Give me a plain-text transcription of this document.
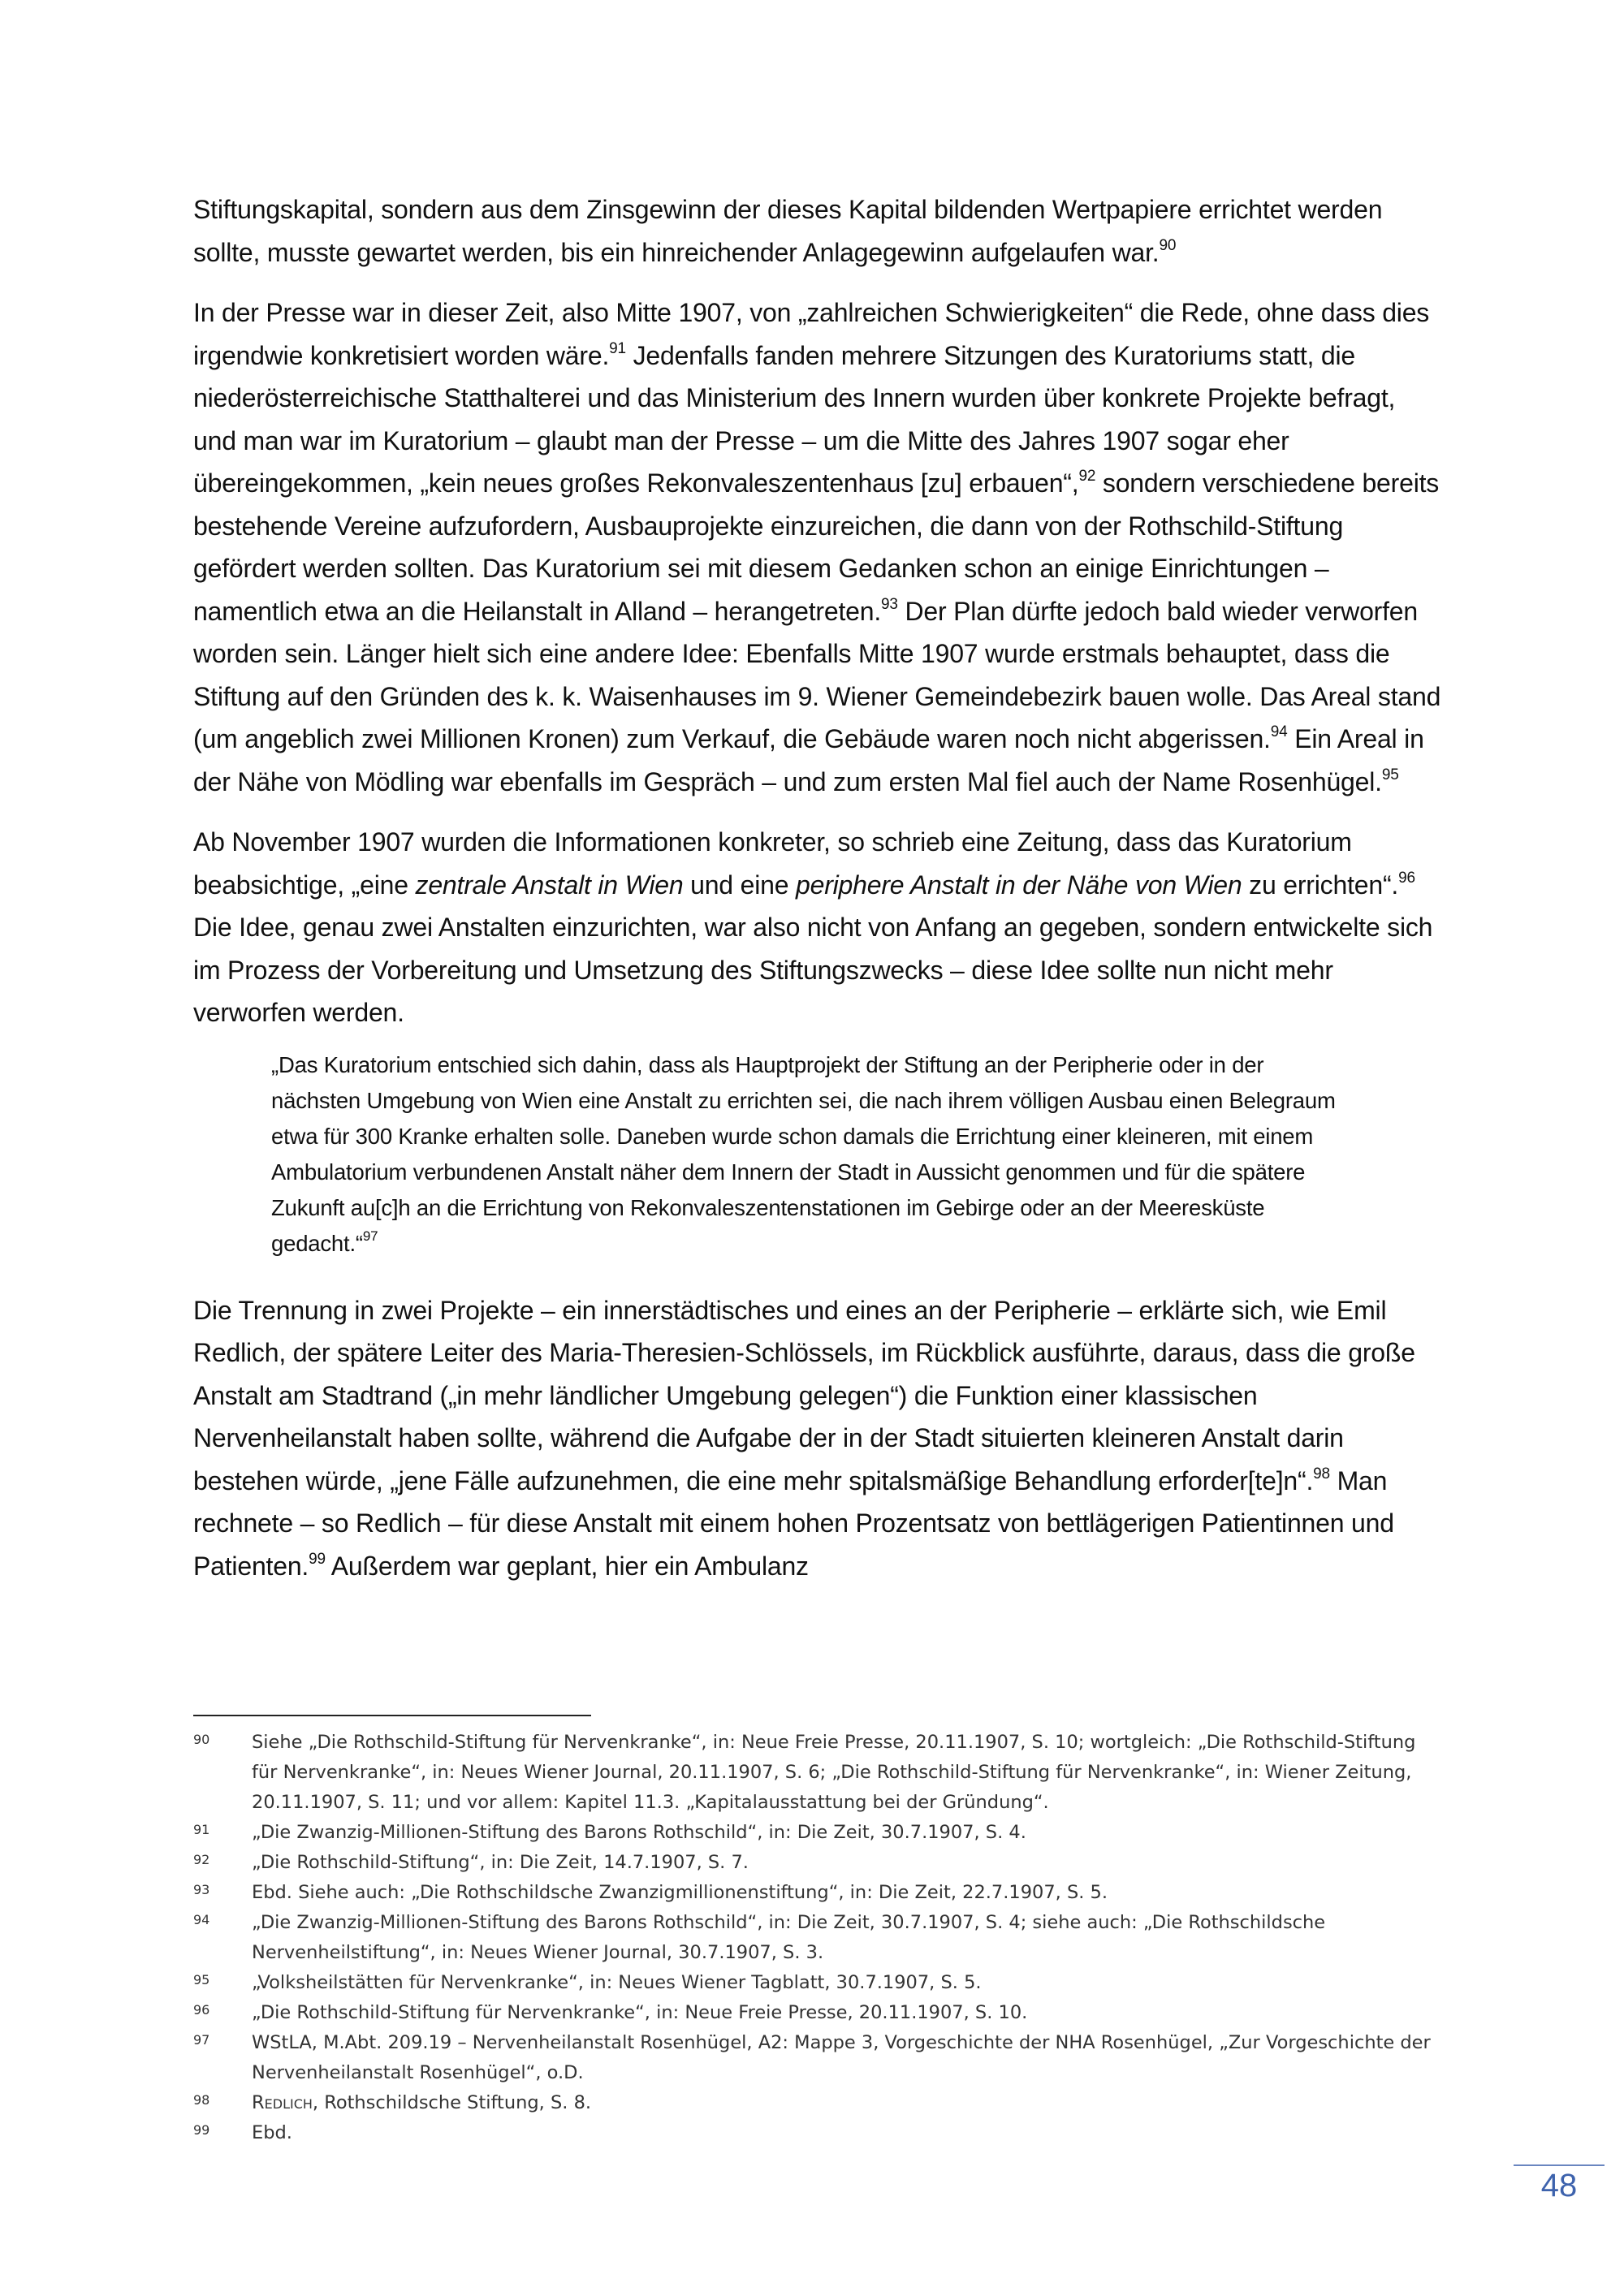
Stiftungskapital, sondern aus dem Zinsgewinn der dieses Kapital bildenden Wertpapiere errichtet werden sollte, musste gewartet werden, bis ein hinreichender Anlagegewinn aufgelaufen war.$^{90}$

In der Presse war in dieser Zeit, also Mitte 1907, von „zahlreichen Schwierigkeiten“ die Rede, ohne dass dies irgendwie konkretisiert worden wäre.$^{91}$ Jedenfalls fanden mehrere Sitzungen des Kuratoriums statt, die niederösterreichische Statthalterei und das Ministerium des Innern wurden über konkrete Projekte befragt, und man war im Kuratorium – glaubt man der Presse – um die Mitte des Jahres 1907 sogar eher übereingekommen, „kein neues großes Rekonvaleszentenhaus [zu] erbauen“,$^{92}$ sondern verschiedene bereits bestehende Vereine aufzufordern, Ausbauprojekte einzureichen, die dann von der Rothschild-Stiftung gefördert werden sollten. Das Kuratorium sei mit diesem Gedanken schon an einige Einrichtungen – namentlich etwa an die Heilanstalt in Alland – herangetreten.$^{93}$ Der Plan dürfte jedoch bald wieder verworfen worden sein. Länger hielt sich eine andere Idee: Ebenfalls Mitte 1907 wurde erstmals behauptet, dass die Stiftung auf den Gründen des k. k. Waisenhauses im 9. Wiener Gemeindebezirk bauen wolle. Das Areal stand (um angeblich zwei Millionen Kronen) zum Verkauf, die Gebäude waren noch nicht abgerissen.$^{94}$ Ein Areal in der Nähe von Mödling war ebenfalls im Gespräch – und zum ersten Mal fiel auch der Name Rosenhügel.$^{95}$

Ab November 1907 wurden die Informationen konkreter, so schrieb eine Zeitung, dass das Kuratorium beabsichtige, „eine zentrale Anstalt in Wien und eine periphere Anstalt in der Nähe von Wien zu errichten“.$^{96}$ Die Idee, genau zwei Anstalten einzurichten, war also nicht von Anfang an gegeben, sondern entwickelte sich im Prozess der Vorbereitung und Umsetzung des Stiftungszwecks – diese Idee sollte nun nicht mehr verworfen werden.

„Das Kuratorium entschied sich dahin, dass als Hauptprojekt der Stiftung an der Peripherie oder in der nächsten Umgebung von Wien eine Anstalt zu errichten sei, die nach ihrem völligen Ausbau einen Belegraum etwa für 300 Kranke erhalten solle. Daneben wurde schon damals die Errichtung einer kleineren, mit einem Ambulatorium verbundenen Anstalt näher dem Innern der Stadt in Aussicht genommen und für die spätere Zukunft au[c]h an die Errichtung von Rekonvaleszentenstationen im Gebirge oder an der Meeresküste gedacht.“$^{97}$

Die Trennung in zwei Projekte – ein innerstädtisches und eines an der Peripherie – erklärte sich, wie Emil Redlich, der spätere Leiter des Maria-Theresien-Schlössels, im Rückblick ausführte, daraus, dass die große Anstalt am Stadtrand („in mehr ländlicher Umgebung gelegen“) die Funktion einer klassischen Nervenheilanstalt haben sollte, während die Aufgabe der in der Stadt situierten kleineren Anstalt darin bestehen würde, „jene Fälle aufzunehmen, die eine mehr spitalsmäßige Behandlung erforder[te]n“.$^{98}$ Man rechnete – so Redlich – für diese Anstalt mit einem hohen Prozentsatz von bettlägerigen Patientinnen und Patienten.$^{99}$ Außerdem war geplant, hier ein Ambulanz

90	Siehe „Die Rothschild-Stiftung für Nervenkranke“, in: Neue Freie Presse, 20.11.1907, S. 10; wortgleich: „Die Rothschild-Stiftung für Nervenkranke“, in: Neues Wiener Journal, 20.11.1907, S. 6; „Die Rothschild-Stiftung für Nervenkranke“, in: Wiener Zeitung, 20.11.1907, S. 11; und vor allem: Kapitel 11.3. „Kapitalausstattung bei der Gründung“.
91	„Die Zwanzig-Millionen-Stiftung des Barons Rothschild“, in: Die Zeit, 30.7.1907, S. 4.
92	„Die Rothschild-Stiftung“, in: Die Zeit, 14.7.1907, S. 7.
93	Ebd. Siehe auch: „Die Rothschildsche Zwanzigmillionenstiftung“, in: Die Zeit, 22.7.1907, S. 5.
94	„Die Zwanzig-Millionen-Stiftung des Barons Rothschild“, in: Die Zeit, 30.7.1907, S. 4; siehe auch: „Die Rothschildsche Nervenheilstiftung“, in: Neues Wiener Journal, 30.7.1907, S. 3.
95	„Volksheilstätten für Nervenkranke“, in: Neues Wiener Tagblatt, 30.7.1907, S. 5.
96	„Die Rothschild-Stiftung für Nervenkranke“, in: Neue Freie Presse, 20.11.1907, S. 10.
97	WStLA, M.Abt. 209.19 – Nervenheilanstalt Rosenhügel, A2: Mappe 3, Vorgeschichte der NHA Rosenhügel, „Zur Vorgeschichte der Nervenheilanstalt Rosenhügel“, o.D.
98	Redlich, Rothschildsche Stiftung, S. 8.
99	Ebd.
48
